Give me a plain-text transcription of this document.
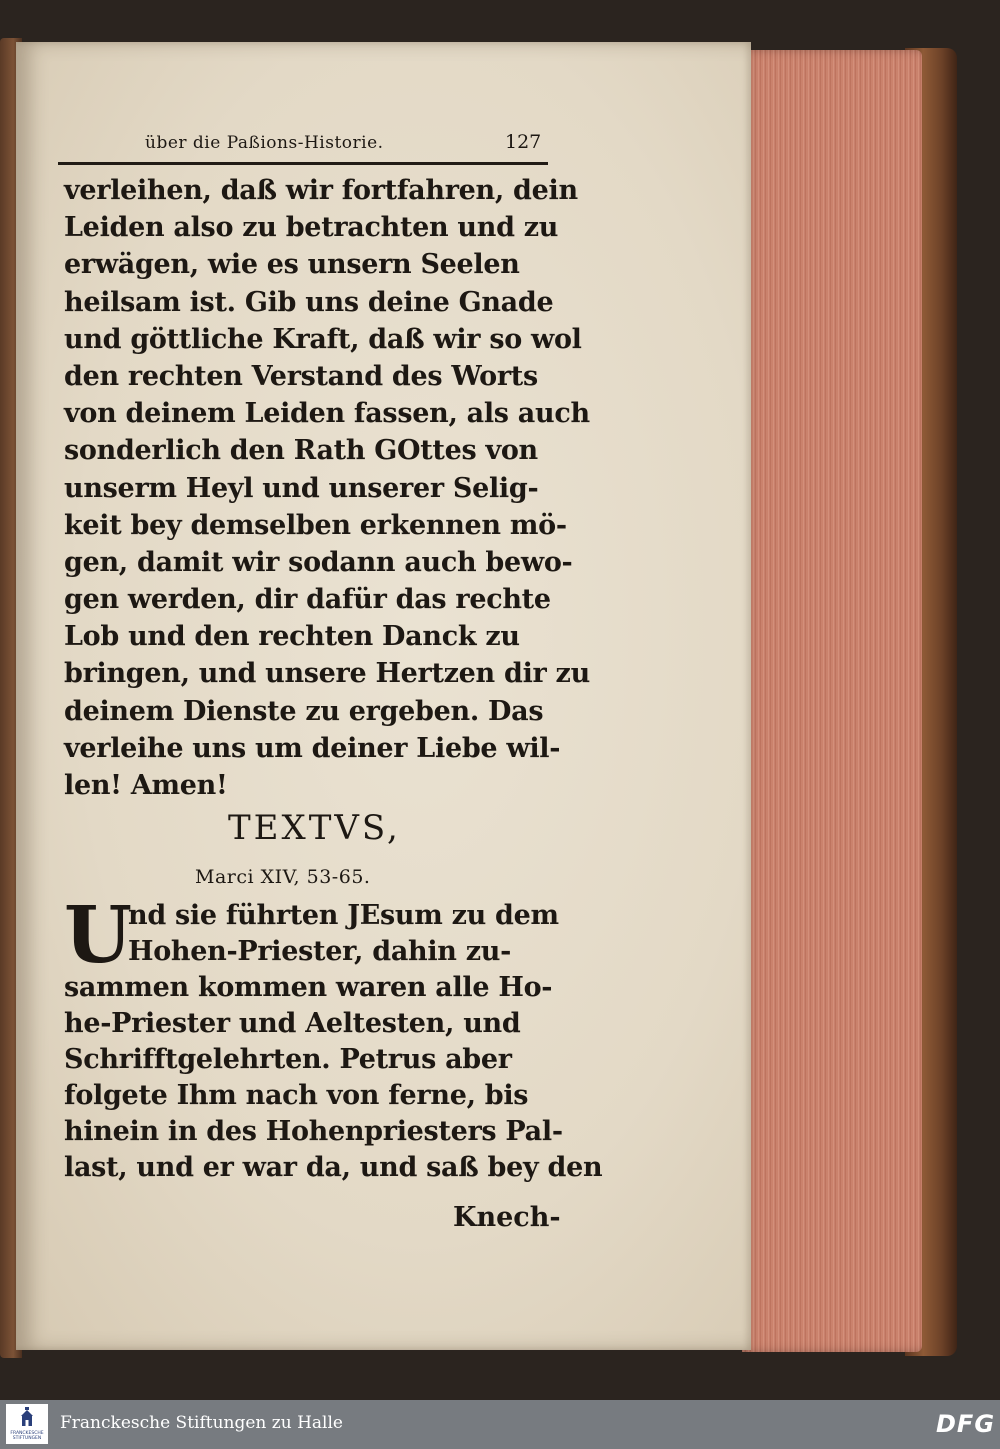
über die Paßions-Historie.	127
verleihen, daß wir fortfahren, dein
Leiden also zu betrachten und zu
erwägen, wie es unsern Seelen
heilsam ist. Gib uns deine Gnade
und göttliche Kraft, daß wir so wol
den rechten Verstand des Worts
von deinem Leiden fassen, als auch
sonderlich den Rath GOttes von
unserm Heyl und unserer Selig-
keit bey demselben erkennen mö-
gen, damit wir sodann auch bewo-
gen werden, dir dafür das rechte
Lob und den rechten Danck zu
bringen, und unsere Hertzen dir zu
deinem Dienste zu ergeben. Das
verleihe uns um deiner Liebe wil-
len! Amen!
TEXTVS,
Marci XIV, 53-65.
U
nd sie führten JEsum zu dem
Hohen-Priester, dahin zu-
sammen kommen waren alle Ho-
he-Priester und Aeltesten, und
Schrifftgelehrten. Petrus aber
folgete Ihm nach von ferne, bis
hinein in des Hohenpriesters Pal-
last, und er war da, und saß bey den
Knech-
FRANCKESCHE
STIFTUNGEN
Franckesche Stiftungen zu Halle	DFG
